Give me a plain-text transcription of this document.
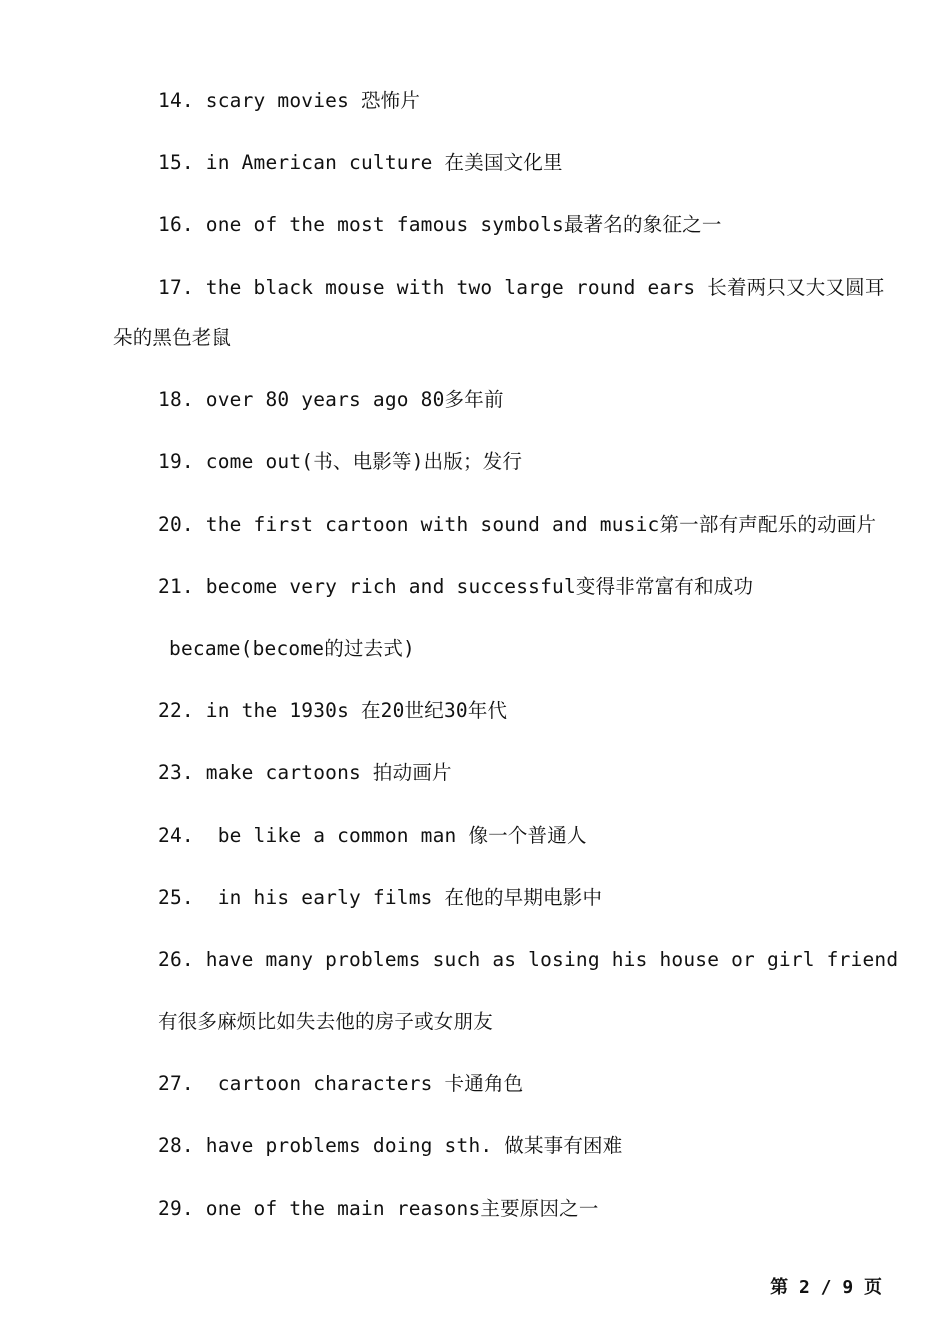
14. scary movies 恐怖片
15. in American culture 在美国文化里
16. one of the most famous symbols最著名的象征之一
17. the black mouse with two large round ears 长着两只又大又圆耳
朵的黑色老鼠
18. over 80 years ago 80多年前
19. come out(书、电影等)出版；发行
20. the first cartoon with sound and music第一部有声配乐的动画片
21. become very rich and successful变得非常富有和成功
became(become的过去式)
22. in the 1930s 在20世纪30年代
23. make cartoons 拍动画片
24.  be like a common man 像一个普通人
25.  in his early films 在他的早期电影中
26. have many problems such as losing his house or girl friend
有很多麻烦比如失去他的房子或女朋友
27.  cartoon characters 卡通角色
28. have problems doing sth. 做某事有困难
29. one of the main reasons主要原因之一
第 2 / 9 页
